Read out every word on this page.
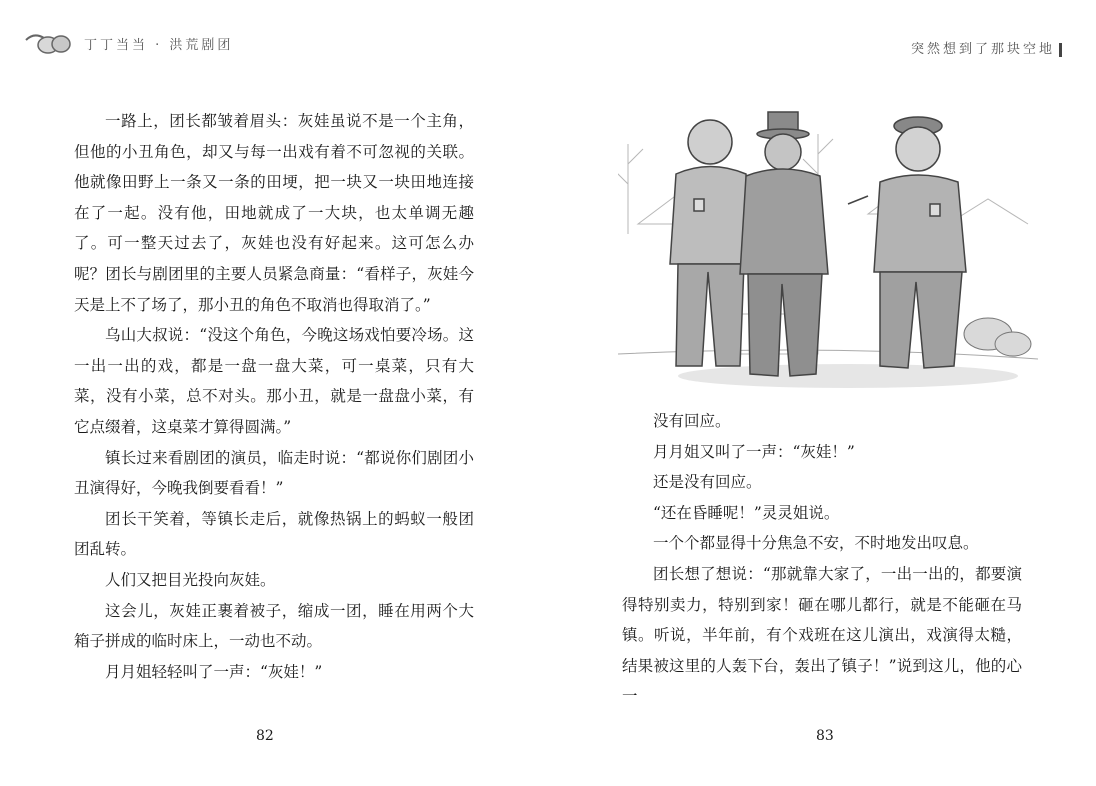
丁丁当当 · 洪荒剧团	突然想到了那块空地

一路上，团长都皱着眉头：灰娃虽说不是一个主角，但他的小丑角色，却又与每一出戏有着不可忽视的关联。他就像田野上一条又一条的田埂，把一块又一块田地连接在了一起。没有他，田地就成了一大块，也太单调无趣了。可一整天过去了，灰娃也没有好起来。这可怎么办呢？团长与剧团里的主要人员紧急商量：“看样子，灰娃今天是上不了场了，那小丑的角色不取消也得取消了。”

乌山大叔说：“没这个角色，今晚这场戏怕要冷场。这一出一出的戏，都是一盘一盘大菜，可一桌菜，只有大菜，没有小菜，总不对头。那小丑，就是一盘盘小菜，有它点缀着，这桌菜才算得圆满。”

镇长过来看剧团的演员，临走时说：“都说你们剧团小丑演得好，今晚我倒要看看！”

团长干笑着，等镇长走后，就像热锅上的蚂蚁一般团团乱转。

人们又把目光投向灰娃。

这会儿，灰娃正裹着被子，缩成一团，睡在用两个大箱子拼成的临时床上，一动也不动。

月月姐轻轻叫了一声：“灰娃！”

没有回应。

月月姐又叫了一声：“灰娃！”

还是没有回应。

“还在昏睡呢！”灵灵姐说。

一个个都显得十分焦急不安，不时地发出叹息。

团长想了想说：“那就靠大家了，一出一出的，都要演得特别卖力，特别到家！砸在哪儿都行，就是不能砸在马镇。听说，半年前，有个戏班在这儿演出，戏演得太糙，结果被这里的人轰下台，轰出了镇子！”说到这儿，他的心一

82	83
